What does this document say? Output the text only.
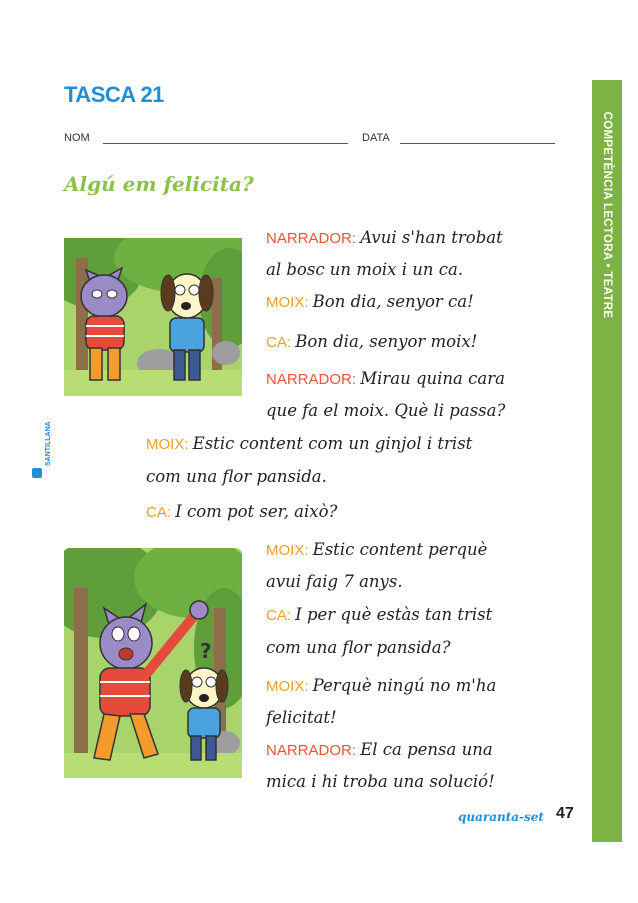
COMPETÈNCIA LECTORA • TEATRE
TASCA 21
NOM	DATA
Algú em felicita?
?
SANTILLANA
NARRADOR: Avui s'han trobat
al bosc un moix i un ca.
MOIX: Bon dia, senyor ca!
CA: Bon dia, senyor moix!
NARRADOR: Mirau quina cara
que fa el moix. Què li passa?
MOIX: Estic content com un ginjol i trist
com una flor pansida.
CA: I com pot ser, això?
MOIX: Estic content perquè
avui faig 7 anys.
CA: I per què estàs tan trist
com una flor pansida?
MOIX: Perquè ningú no m'ha
felicitat!
NARRADOR: El ca pensa una
mica i hi troba una solució!
quaranta-set 47
